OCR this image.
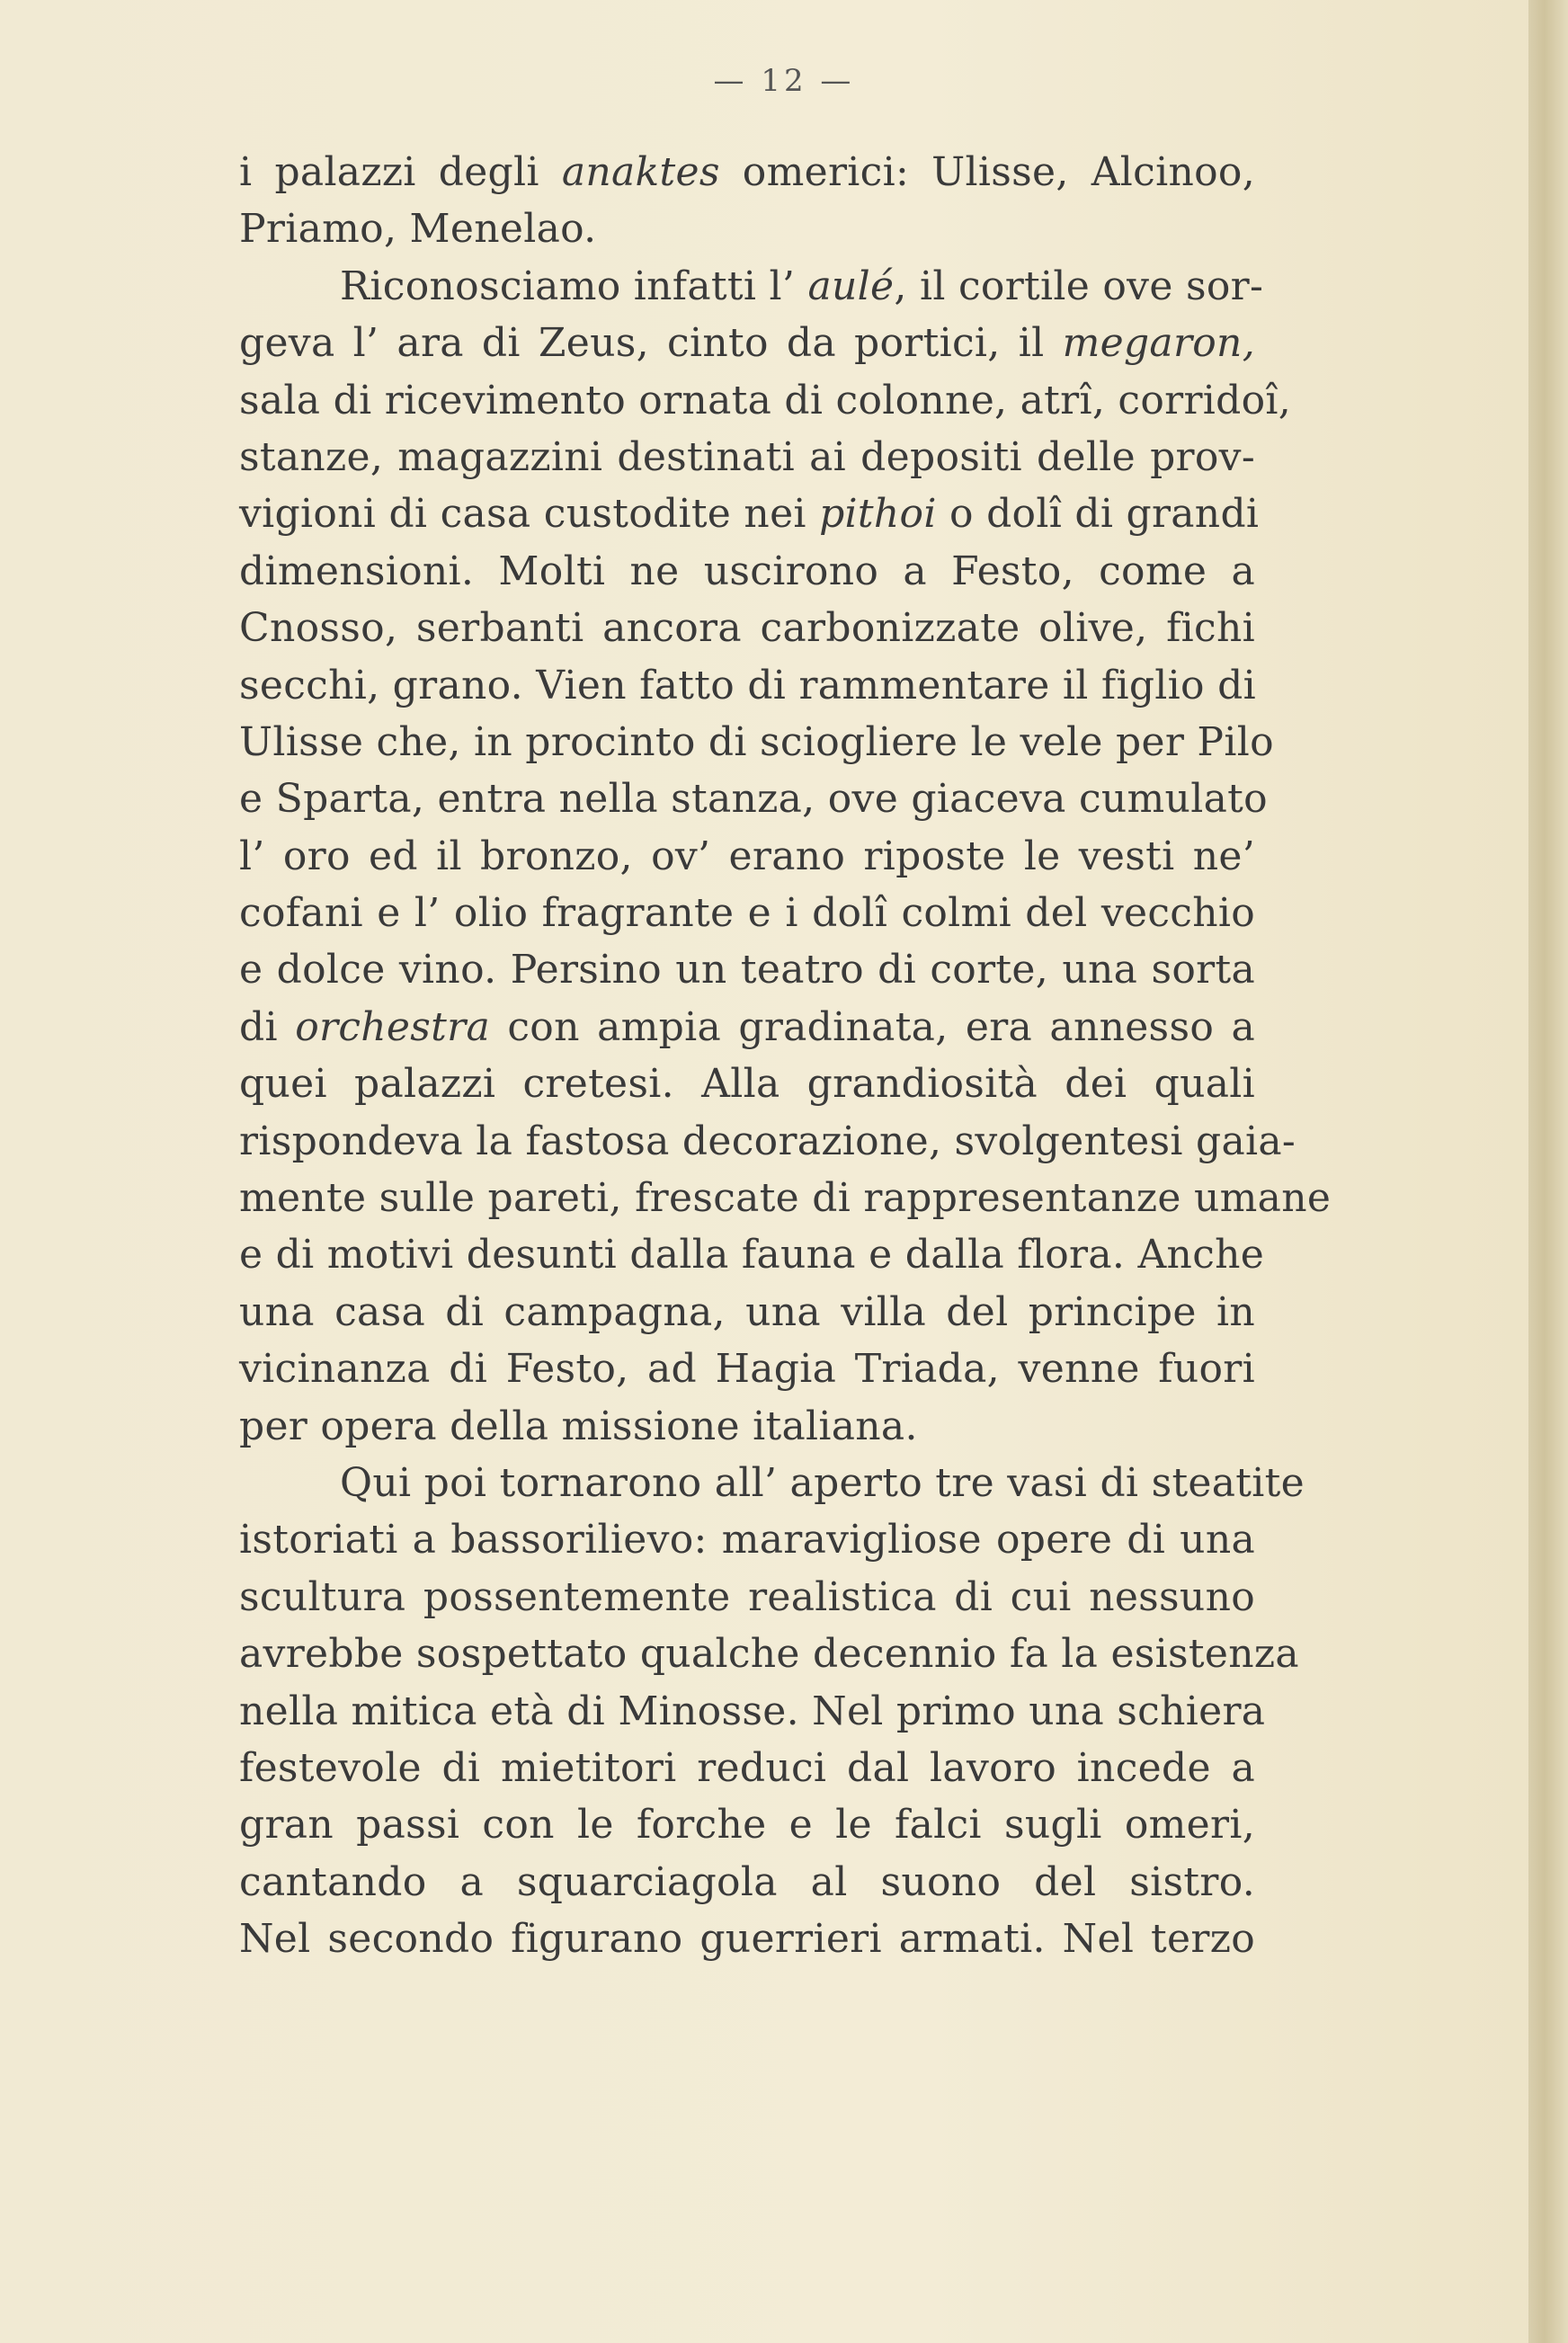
— 12 —
i palazzi degli anaktes omerici: Ulisse, Alcinoo,
Priamo, Menelao.
Riconosciamo infatti l’ aulé, il cortile ove sor-
geva l’ ara di Zeus, cinto da portici, il megaron,
sala di ricevimento ornata di colonne, atrî, corridoî,
stanze, magazzini destinati ai depositi delle prov-
vigioni di casa custodite nei pithoi o dolî di grandi
dimensioni. Molti ne uscirono a Festo, come a
Cnosso, serbanti ancora carbonizzate olive, fichi
secchi, grano. Vien fatto di rammentare il figlio di
Ulisse che, in procinto di sciogliere le vele per Pilo
e Sparta, entra nella stanza, ove giaceva cumulato
l’ oro ed il bronzo, ov’ erano riposte le vesti ne’
cofani e l’ olio fragrante e i dolî colmi del vecchio
e dolce vino. Persino un teatro di corte, una sorta
di orchestra con ampia gradinata, era annesso a
quei palazzi cretesi. Alla grandiosità dei quali
rispondeva la fastosa decorazione, svolgentesi gaia-
mente sulle pareti, frescate di rappresentanze umane
e di motivi desunti dalla fauna e dalla flora. Anche
una casa di campagna, una villa del principe in
vicinanza di Festo, ad Hagia Triada, venne fuori
per opera della missione italiana.
Qui poi tornarono all’ aperto tre vasi di steatite
istoriati a bassorilievo: maravigliose opere di una
scultura possentemente realistica di cui nessuno
avrebbe sospettato qualche decennio fa la esistenza
nella mitica età di Minosse. Nel primo una schiera
festevole di mietitori reduci dal lavoro incede a
gran passi con le forche e le falci sugli omeri,
cantando a squarciagola al suono del sistro.
Nel secondo figurano guerrieri armati. Nel terzo
